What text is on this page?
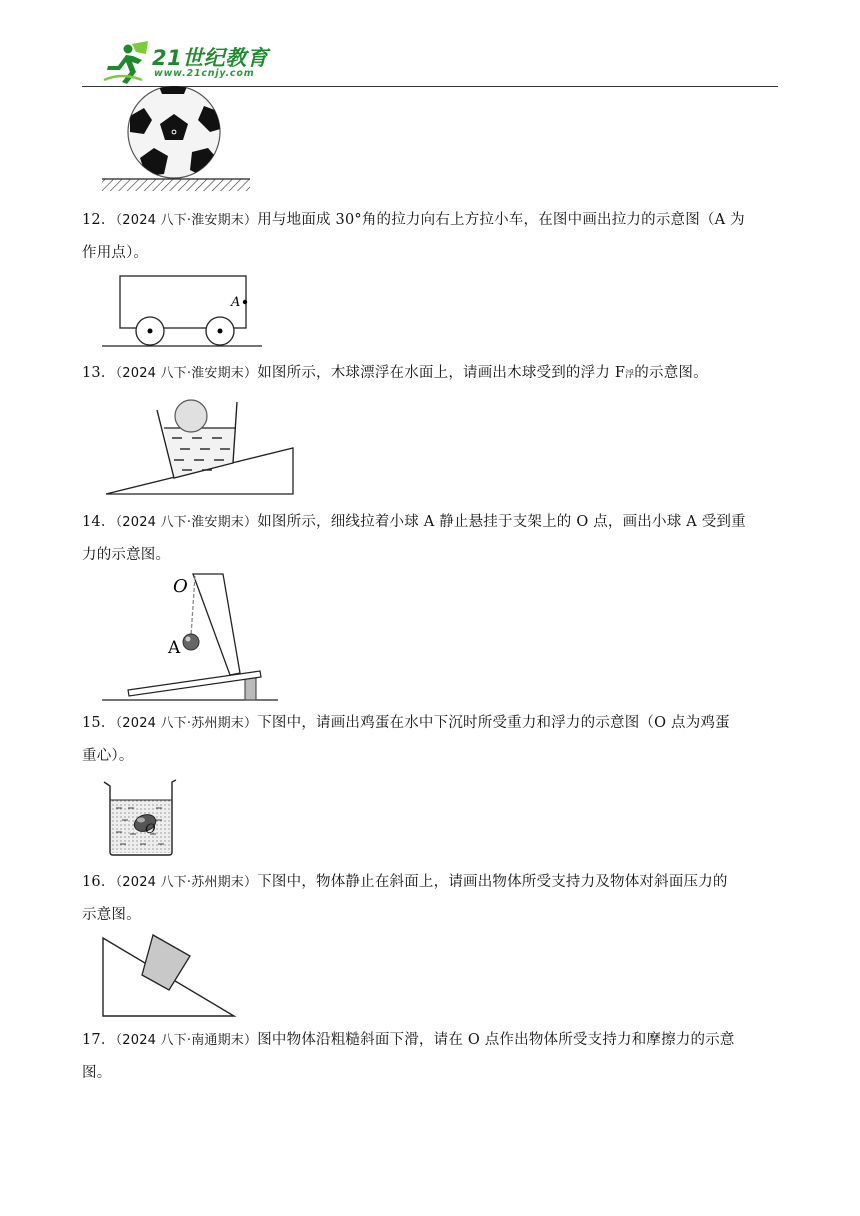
21世纪教育
www.21cnjy.com
12．（2024 八下·淮安期末）用与地面成 30°角的拉力向右上方拉小车，在图中画出拉力的示意图（A 为
作用点）。
A
13．（2024 八下·淮安期末）如图所示，木球漂浮在水面上，请画出木球受到的浮力 F浮的示意图。
14．（2024 八下·淮安期末）如图所示，细线拉着小球 A 静止悬挂于支架上的 O 点，画出小球 A 受到重
力的示意图。
O
A
15．（2024 八下·苏州期末）下图中，请画出鸡蛋在水中下沉时所受重力和浮力的示意图（O 点为鸡蛋
重心）。
O
16．（2024 八下·苏州期末）下图中，物体静止在斜面上，请画出物体所受支持力及物体对斜面压力的
示意图。
17．（2024 八下·南通期末）图中物体沿粗糙斜面下滑，请在 O 点作出物体所受支持力和摩擦力的示意
图。
